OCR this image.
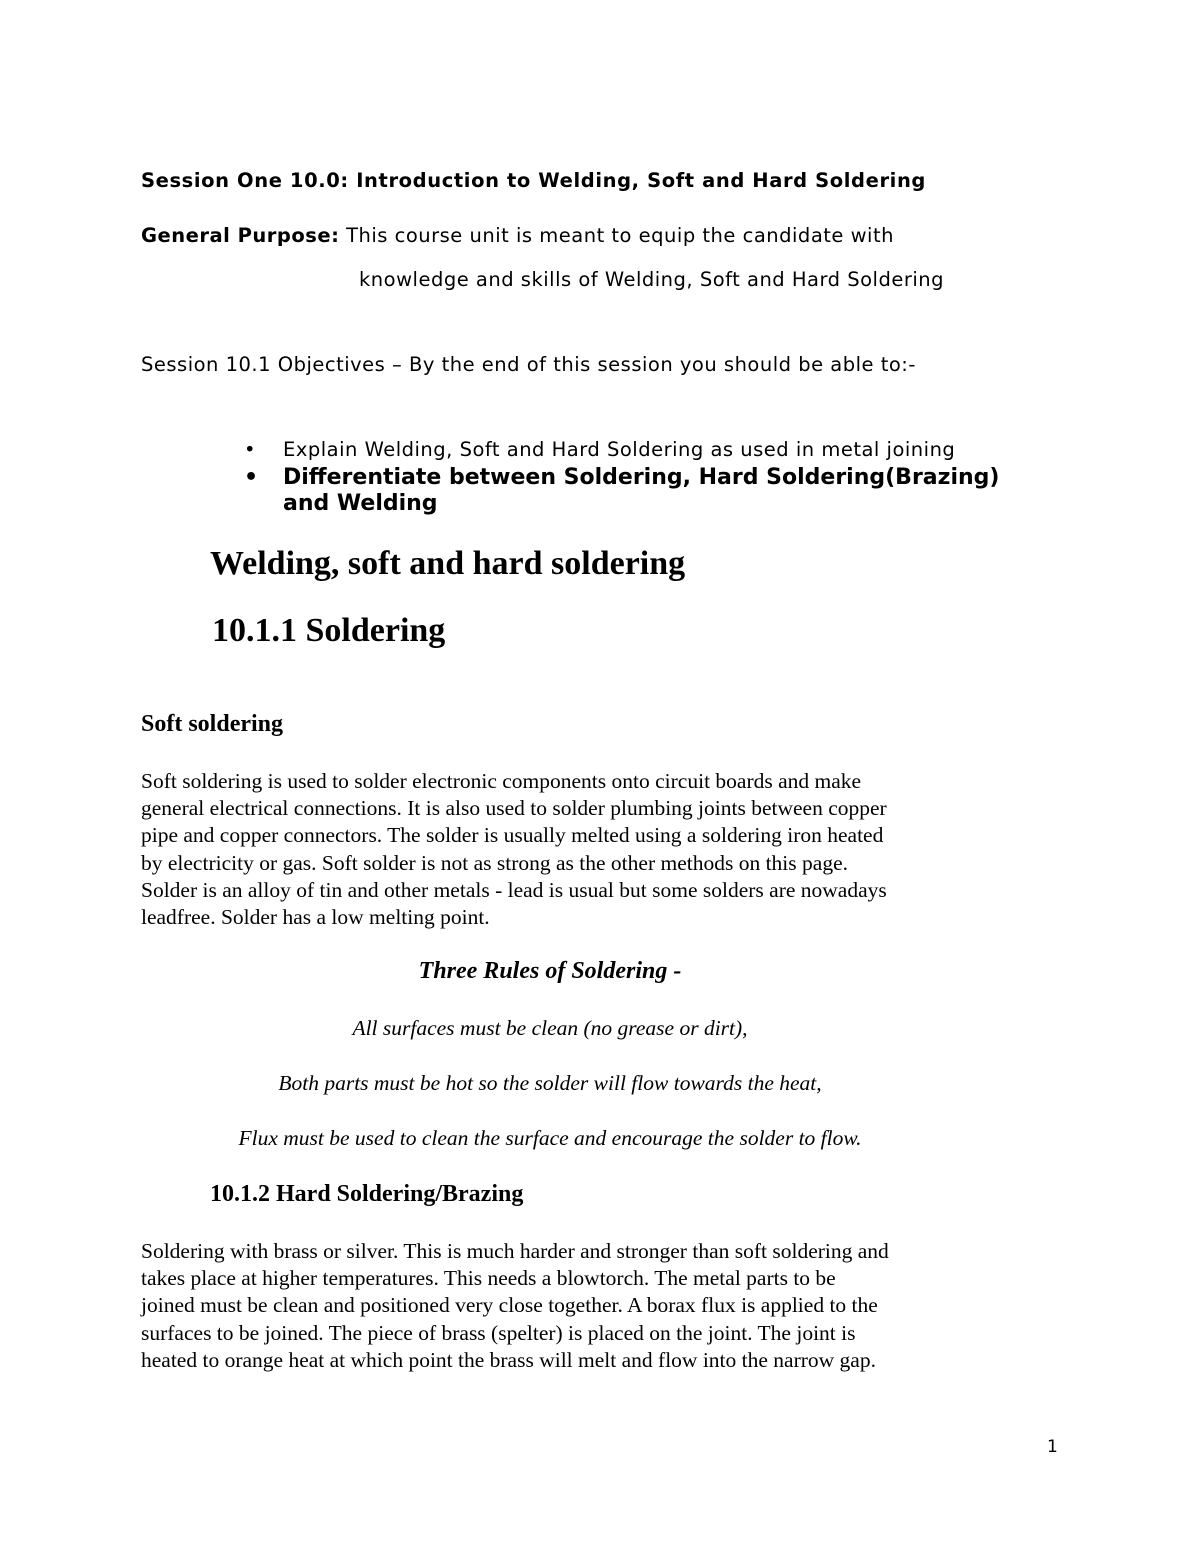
Session One 10.0: Introduction to Welding, Soft and Hard Soldering

General Purpose: This course unit is meant to equip the candidate with

knowledge and skills of Welding, Soft and Hard Soldering

Session 10.1 Objectives – By the end of this session you should be able to:-

• Explain Welding, Soft and Hard Soldering as used in metal joining
• Differentiate between Soldering, Hard Soldering(Brazing) and Welding
Welding, soft and hard soldering
10.1.1 Soldering
Soft soldering
Soft soldering is used to solder electronic components onto circuit boards and make
general electrical connections. It is also used to solder plumbing joints between copper
pipe and copper connectors. The solder is usually melted using a soldering iron heated
by electricity or gas. Soft solder is not as strong as the other methods on this page.
Solder is an alloy of tin and other metals - lead is usual but some solders are nowadays
leadfree. Solder has a low melting point.

Three Rules of Soldering -

All surfaces must be clean (no grease or dirt),

Both parts must be hot so the solder will flow towards the heat,

Flux must be used to clean the surface and encourage the solder to flow.

10.1.2 Hard Soldering/Brazing
Soldering with brass or silver. This is much harder and stronger than soft soldering and
takes place at higher temperatures. This needs a blowtorch. The metal parts to be
joined must be clean and positioned very close together. A borax flux is applied to the
surfaces to be joined. The piece of brass (spelter) is placed on the joint. The joint is
heated to orange heat at which point the brass will melt and flow into the narrow gap.

1
